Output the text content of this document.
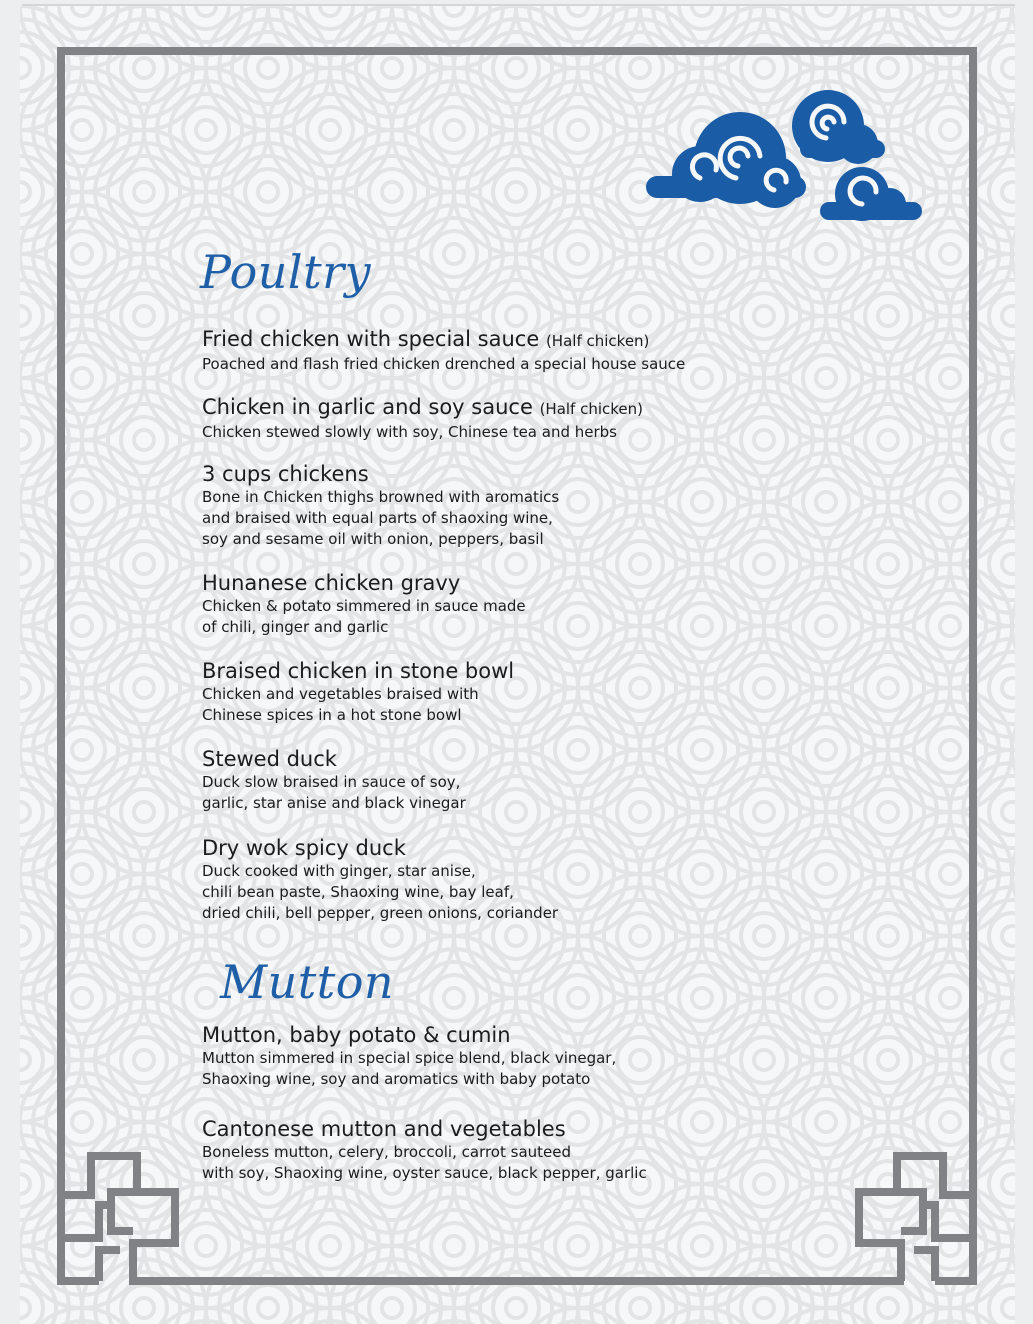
Poultry
Fried chicken with special sauce (Half chicken)
Poached and flash fried chicken drenched a special house sauce
Chicken in garlic and soy sauce (Half chicken)
Chicken stewed slowly with soy, Chinese tea and herbs
3 cups chickens
Bone in Chicken thighs browned with aromatics
and braised with equal parts of shaoxing wine,
soy and sesame oil with onion, peppers, basil
Hunanese chicken gravy
Chicken & potato simmered in sauce made
of chili, ginger and garlic
Braised chicken in stone bowl
Chicken and vegetables braised with
Chinese spices in a hot stone bowl
Stewed duck
Duck slow braised in sauce of soy,
garlic, star anise and black vinegar
Dry wok spicy duck
Duck cooked with ginger, star anise,
chili bean paste, Shaoxing wine, bay leaf,
dried chili, bell pepper, green onions, coriander
Mutton
Mutton, baby potato & cumin
Mutton simmered in special spice blend, black vinegar,
Shaoxing wine, soy and aromatics with baby potato
Cantonese mutton and vegetables
Boneless mutton, celery, broccoli, carrot sauteed
with soy, Shaoxing wine, oyster sauce, black pepper, garlic
